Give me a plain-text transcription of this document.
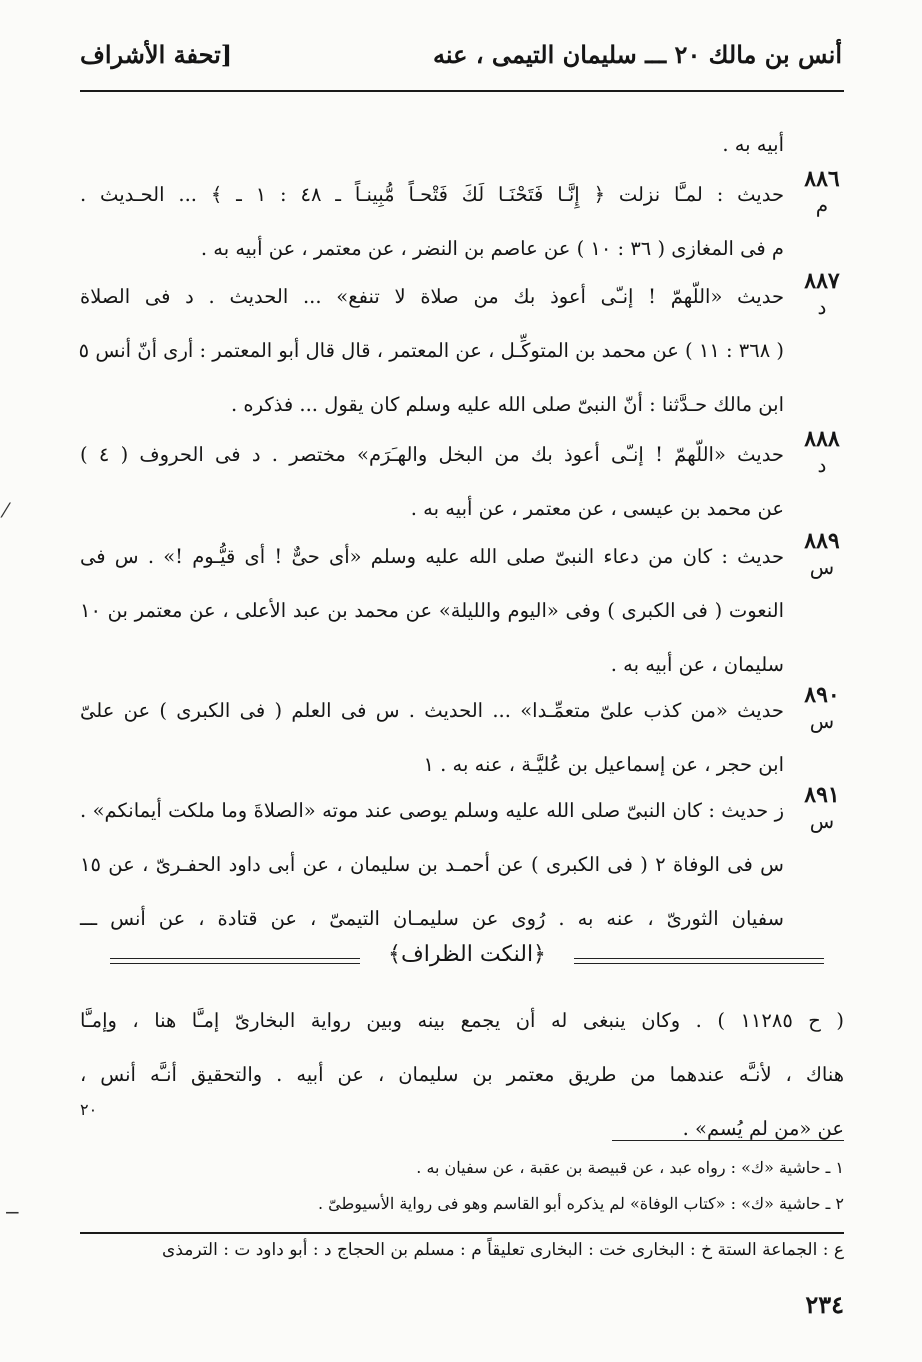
أنس بن مالك ٢٠ ـــ سليمان التيمى ، عنه
[تحفة الأشراف
أبيه به .
٨٨٦
م
حديث : لمـَّا نزلت ﴿ إِنَّـا فَتَحْنَـا لَكَ فَتْحـاً مُّبِينـاً ـ ٤٨ : ١ ـ ﴾ ... الحـديث .
م فى المغازى ( ٣٦ : ١٠ ) عن عاصم بن النضر ، عن معتمر ، عن أبيه به .
٨٨٧
د
حديث «اللّهمّ ! إنـّى أعوذ بك من صلاة لا تنفع» ... الحديث . د فى الصلاة
( ٣٦٨ : ١١ ) عن محمد بن المتوكِّـل ، عن المعتمر ، قال قال أبو المعتمر : أرى أنّ أنس ٥
ابن مالك حـدَّثنا : أنّ النبىّ صلى الله عليه وسلم كان يقول ... فذكره .
٨٨٨
د
حديث «اللّهمّ ! إنـّى أعوذ بك من البخل والهـَرَم» مختصر . د فى الحروف ( ٤ )
عن محمد بن عيسى ، عن معتمر ، عن أبيه به .
٨٨٩
س
حديث : كان من دعاء النبىّ صلى الله عليه وسلم «أى حىٌّ ! أى قيُّـوم !» . س فى
النعوت ( فى الكبرى ) وفى «اليوم والليلة» عن محمد بن عبد الأعلى ، عن معتمر بن ١٠
سليمان ، عن أبيه به .
٨٩٠
س
حديث «من كذب علىّ متعمِّـدا» ... الحديث . س فى العلم ( فى الكبرى ) عن علىّ
ابن حجر ، عن إسماعيل بن عُليَّـة ، عنه به . ١
٨٩١
س
ز حديث : كان النبىّ صلى الله عليه وسلم يوصى عند موته «الصلاةَ وما ملكت أيمانكم» .
س فى الوفاة ٢ ( فى الكبرى ) عن أحمـد بن سليمان ، عن أبى داود الحفـرىّ ، عن ١٥
سفيان الثورىّ ، عنه به . رُوى عن سليمـان التيمىّ ، عن قتادة ، عن أنس ـــ
﴿النكت الظراف﴾
( ح ١١٢٨٥ ) . وكان ينبغى له أن يجمع بينه وبين رواية البخارىّ إمـَّا هنا ، وإمـَّا
هناك ، لأنـَّه عندهما من طريق معتمر بن سليمان ، عن أبيه . والتحقيق أنـَّه أنس ،
عن «من لم يُسم» .
٢٠
١ ـ حاشية «ك» : رواه عبد ، عن قبيصة بن عقبة ، عن سفيان به .
٢ ـ حاشية «ك» : «كتاب الوفاة» لم يذكره أبو القاسم وهو فى رواية الأسيوطىّ .
ع : الجماعة الستة خ : البخارى خت : البخارى تعليقاً م : مسلم بن الحجاج د : أبو داود ت : الترمذى
٢٣٤
⁄
−
